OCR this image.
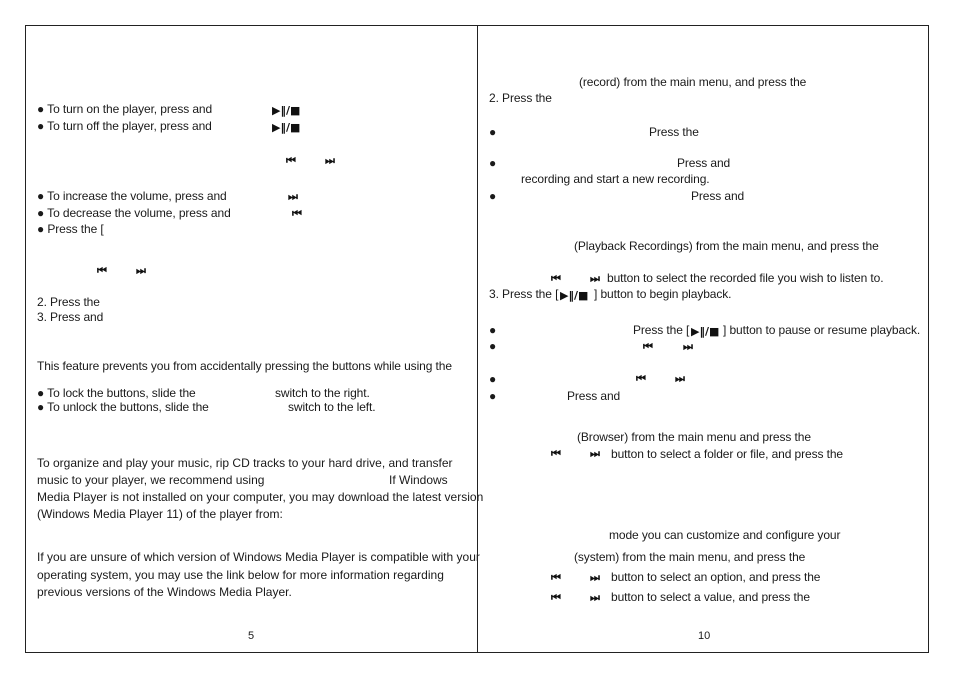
● To turn on the player, press and	▶‖/■
● To turn off the player, press and	▶‖/■
⏮	⏭
● To increase the volume, press and	⏭
● To decrease the volume, press and	⏮
● Press the [
⏮	⏭
2. Press the
3. Press and
This feature prevents you from accidentally pressing the buttons while using the
● To lock the buttons, slide the	switch to the right.
● To unlock the buttons, slide the	switch to the left.
To organize and play your music, rip CD tracks to your hard drive, and transfer
music to your player, we recommend using	If Windows
Media Player is not installed on your computer, you may download the latest version
(Windows Media Player 11) of the player from:
If you are unsure of which version of Windows Media Player is compatible with your
operating system, you may use the link below for more information regarding
previous versions of the Windows Media Player.
5
(record) from the main menu, and press the
2. Press the
●	Press the
●	Press and
recording and start a new recording.
●	Press and
(Playback Recordings) from the main menu, and press the
⏮	⏭ button to select the recorded file you wish to listen to.
3. Press the [ ▶‖/■ ] button to begin playback.
●	Press the [ ▶‖/■ ] button to pause or resume playback.
●	⏮	⏭
●	⏮	⏭
●	Press and
(Browser) from the main menu and press the
⏮	⏭ button to select a folder or file, and press the
mode you can customize and configure your
(system) from the main menu, and press the
⏮	⏭ button to select an option, and press the
⏮	⏭ button to select a value, and press the
10
